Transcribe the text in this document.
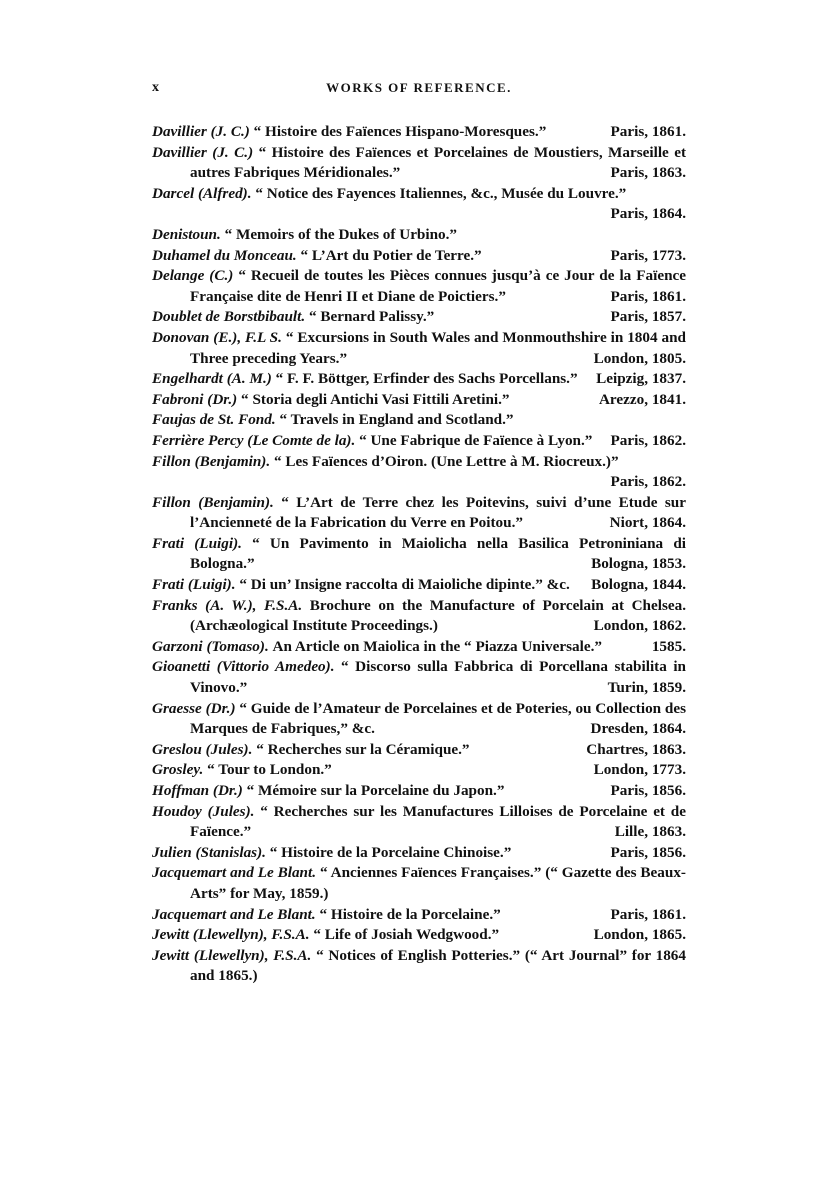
x	WORKS OF REFERENCE.
Davillier (J. C.) “ Histoire des Faïences Hispano-Moresques.”	Paris, 1861.
Davillier (J. C.) “ Histoire des Faïences et Porcelaines de Moustiers, Marseille et autres Fabriques Méridionales.”	Paris, 1863.
Darcel (Alfred). “ Notice des Fayences Italiennes, &c., Musée du Louvre.”
Paris, 1864.
Denistoun. “ Memoirs of the Dukes of Urbino.”
Duhamel du Monceau. “ L’Art du Potier de Terre.”	Paris, 1773.
Delange (C.) “ Recueil de toutes les Pièces connues jusqu’à ce Jour de la Faïence Française dite de Henri II et Diane de Poictiers.”	Paris, 1861.
Doublet de Borstbibault. “ Bernard Palissy.”	Paris, 1857.
Donovan (E.), F.L S. “ Excursions in South Wales and Monmouthshire in 1804 and Three preceding Years.”	London, 1805.
Engelhardt (A. M.) “ F. F. Böttger, Erfinder des Sachs Porcellans.”	Leipzig, 1837.
Fabroni (Dr.) “ Storia degli Antichi Vasi Fittili Aretini.”	Arezzo, 1841.
Faujas de St. Fond. “ Travels in England and Scotland.”
Ferrière Percy (Le Comte de la). “ Une Fabrique de Faïence à Lyon.”	Paris, 1862.
Fillon (Benjamin). “ Les Faïences d’Oiron. (Une Lettre à M. Riocreux.)”
Paris, 1862.
Fillon (Benjamin). “ L’Art de Terre chez les Poitevins, suivi d’une Etude sur l’Ancienneté de la Fabrication du Verre en Poitou.”	Niort, 1864.
Frati (Luigi). “ Un Pavimento in Maiolicha nella Basilica Petroniniana di Bologna.”	Bologna, 1853.
Frati (Luigi). “ Di un’ Insigne raccolta di Maioliche dipinte.” &c.	Bologna, 1844.
Franks (A. W.), F.S.A. Brochure on the Manufacture of Porcelain at Chelsea. (Archæological Institute Proceedings.)	London, 1862.
Garzoni (Tomaso). An Article on Maiolica in the “ Piazza Universale.”	1585.
Gioanetti (Vittorio Amedeo). “ Discorso sulla Fabbrica di Porcellana stabilita in Vinovo.”	Turin, 1859.
Graesse (Dr.) “ Guide de l’Amateur de Porcelaines et de Poteries, ou Collection des Marques de Fabriques,” &c.	Dresden, 1864.
Greslou (Jules). “ Recherches sur la Céramique.”	Chartres, 1863.
Grosley. “ Tour to London.”	London, 1773.
Hoffman (Dr.) “ Mémoire sur la Porcelaine du Japon.”	Paris, 1856.
Houdoy (Jules). “ Recherches sur les Manufactures Lilloises de Porcelaine et de Faïence.”	Lille, 1863.
Julien (Stanislas). “ Histoire de la Porcelaine Chinoise.”	Paris, 1856.
Jacquemart and Le Blant. “ Anciennes Faïences Françaises.” (“ Gazette des Beaux-Arts” for May, 1859.)
Jacquemart and Le Blant. “ Histoire de la Porcelaine.”	Paris, 1861.
Jewitt (Llewellyn), F.S.A. “ Life of Josiah Wedgwood.”	London, 1865.
Jewitt (Llewellyn), F.S.A. “ Notices of English Potteries.” (“ Art Journal” for 1864 and 1865.)
